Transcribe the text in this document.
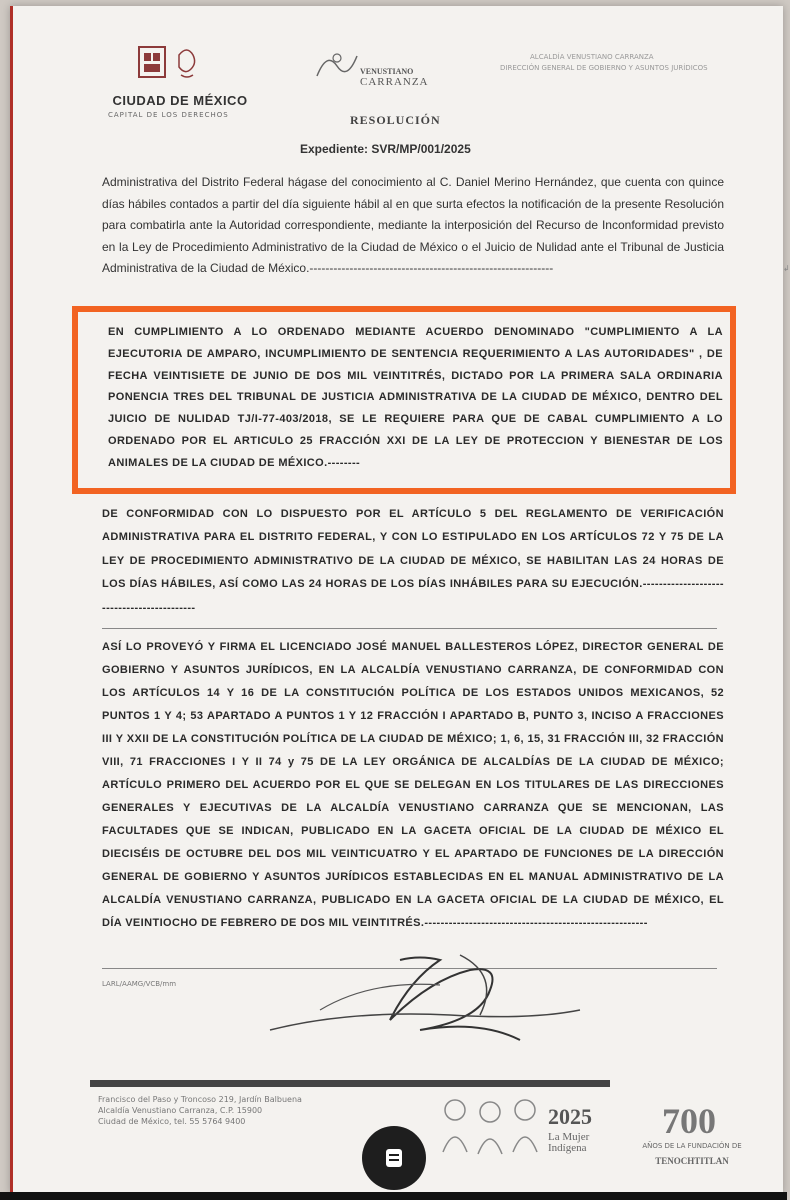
↲
CIUDAD DE MÉXICO
CAPITAL DE LOS DERECHOS
VENUSTIANO
CARRANZA
ALCALDÍA VENUSTIANO CARRANZA
DIRECCIÓN GENERAL DE GOBIERNO Y ASUNTOS JURÍDICOS
RESOLUCIÓN
Expediente: SVR/MP/001/2025
Administrativa del Distrito Federal hágase del conocimiento al C. Daniel Merino Hernández, que cuenta con quince días hábiles contados a partir del día siguiente hábil al en que surta efectos la notificación de la presente Resolución para combatirla ante la Autoridad correspondiente, mediante la interposición del Recurso de Inconformidad previsto en la Ley de Procedimiento Administrativo de la Ciudad de México o el Juicio de Nulidad ante el Tribunal de Justicia Administrativa de la Ciudad de México.-------------------------------------------------------------
EN CUMPLIMIENTO A LO ORDENADO MEDIANTE ACUERDO DENOMINADO "CUMPLIMIENTO A LA EJECUTORIA DE AMPARO, INCUMPLIMIENTO DE SENTENCIA REQUERIMIENTO A LAS AUTORIDADES" , DE FECHA VEINTISIETE DE JUNIO DE DOS MIL VEINTITRÉS, DICTADO POR LA PRIMERA SALA ORDINARIA PONENCIA TRES DEL TRIBUNAL DE JUSTICIA ADMINISTRATIVA DE LA CIUDAD DE MÉXICO, DENTRO DEL JUICIO DE NULIDAD TJ/I-77-403/2018, SE LE REQUIERE PARA QUE DE CABAL CUMPLIMIENTO A LO ORDENADO POR EL ARTICULO 25 FRACCIÓN XXI DE LA LEY DE PROTECCION Y BIENESTAR DE LOS ANIMALES DE LA CIUDAD DE MÉXICO.--------
DE CONFORMIDAD CON LO DISPUESTO POR EL ARTÍCULO 5 DEL REGLAMENTO DE VERIFICACIÓN ADMINISTRATIVA PARA EL DISTRITO FEDERAL, Y CON LO ESTIPULADO EN LOS ARTÍCULOS 72 Y 75 DE LA LEY DE PROCEDIMIENTO ADMINISTRATIVO DE LA CIUDAD DE MÉXICO, SE HABILITAN LAS 24 HORAS DE LOS DÍAS HÁBILES, ASÍ COMO LAS 24 HORAS DE LOS DÍAS INHÁBILES PARA SU EJECUCIÓN.-------------------------------------------
ASÍ LO PROVEYÓ Y FIRMA EL LICENCIADO JOSÉ MANUEL BALLESTEROS LÓPEZ, DIRECTOR GENERAL DE GOBIERNO Y ASUNTOS JURÍDICOS, EN LA ALCALDÍA VENUSTIANO CARRANZA, DE CONFORMIDAD CON LOS ARTÍCULOS 14 Y 16 DE LA CONSTITUCIÓN POLÍTICA DE LOS ESTADOS UNIDOS MEXICANOS, 52 PUNTOS 1 Y 4; 53 APARTADO A PUNTOS 1 Y 12 FRACCIÓN I APARTADO B, PUNTO 3, INCISO A FRACCIONES III Y XXII DE LA CONSTITUCIÓN POLÍTICA DE LA CIUDAD DE MÉXICO; 1, 6, 15, 31 FRACCIÓN III, 32 FRACCIÓN VIII, 71 FRACCIONES I Y II 74 y 75 DE LA LEY ORGÁNICA DE ALCALDÍAS DE LA CIUDAD DE MÉXICO; ARTÍCULO PRIMERO DEL ACUERDO POR EL QUE SE DELEGAN EN LOS TITULARES DE LAS DIRECCIONES GENERALES Y EJECUTIVAS DE LA ALCALDÍA VENUSTIANO CARRANZA QUE SE MENCIONAN, LAS FACULTADES QUE SE INDICAN, PUBLICADO EN LA GACETA OFICIAL DE LA CIUDAD DE MÉXICO EL DIECISÉIS DE OCTUBRE DEL DOS MIL VEINTICUATRO Y EL APARTADO DE FUNCIONES DE LA DIRECCIÓN GENERAL DE GOBIERNO Y ASUNTOS JURÍDICOS ESTABLECIDAS EN EL MANUAL ADMINISTRATIVO DE LA ALCALDÍA VENUSTIANO CARRANZA, PUBLICADO EN LA GACETA OFICIAL DE LA CIUDAD DE MÉXICO, EL DÍA VEINTIOCHO DE FEBRERO DE DOS MIL VEINTITRÉS.-------------------------------------------------------
LARL/AAMG/VCB/mm
Francisco del Paso y Troncoso 219, Jardín Balbuena
Alcaldía Venustiano Carranza, C.P. 15900
Ciudad de México, tel. 55 5764 9400	2025
La Mujer
Indígena
700
AÑOS DE LA FUNDACIÓN DE
TENOCHTITLAN
